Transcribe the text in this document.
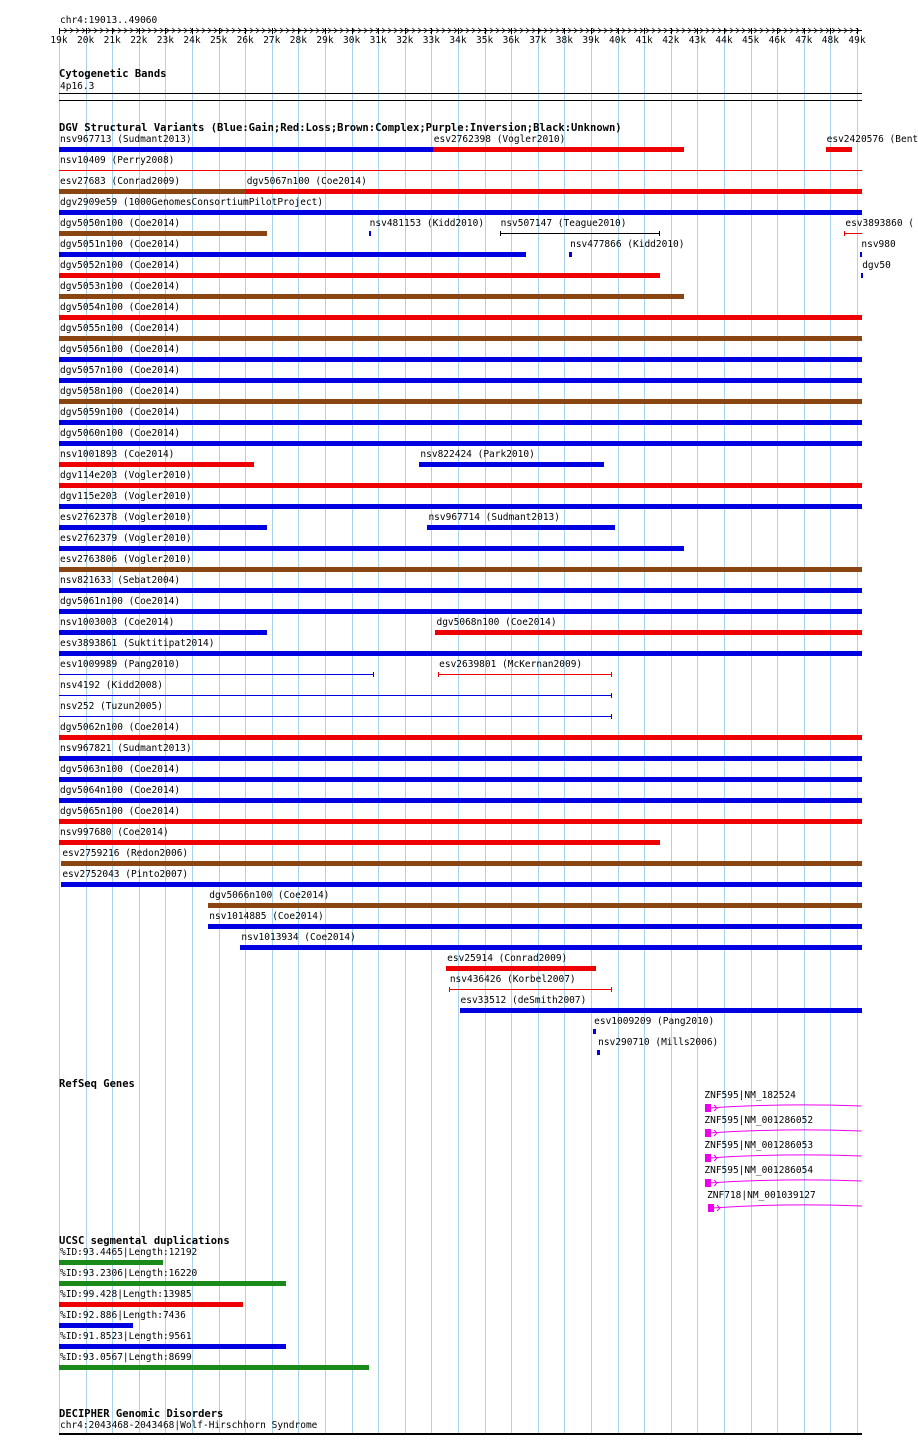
chr4:19013..49060
Cytogenetic Bands
4p16.3
DGV Structural Variants (Blue:Gain;Red:Loss;Brown:Complex;Purple:Inversion;Black:Unknown)
nsv967713 (Sudmant2013)	esv2762398 (Vogler2010)	esv2420576 (Bent
nsv10409 (Perry2008)
esv27683 (Conrad2009)	dgv5067n100 (Coe2014)
dgv2909e59 (1000GenomesConsortiumPilotProject)
dgv5050n100 (Coe2014)	nsv481153 (Kidd2010) nsv507147 (Teague2010)	esv3893860 (
dgv5051n100 (Coe2014)	nsv477866 (Kidd2010)	nsv980
dgv5052n100 (Coe2014)	dgv50
dgv5053n100 (Coe2014)
dgv5054n100 (Coe2014)
dgv5055n100 (Coe2014)
dgv5056n100 (Coe2014)
dgv5057n100 (Coe2014)
dgv5058n100 (Coe2014)
dgv5059n100 (Coe2014)
dgv5060n100 (Coe2014)
nsv1001893 (Coe2014)	nsv822424 (Park2010)
dgv114e203 (Vogler2010)
dgv115e203 (Vogler2010)
esv2762378 (Vogler2010)	nsv967714 (Sudmant2013)
esv2762379 (Vogler2010)
esv2763806 (Vogler2010)
nsv821633 (Sebat2004)
dgv5061n100 (Coe2014)
nsv1003003 (Coe2014)	dgv5068n100 (Coe2014)
esv3893861 (Suktitipat2014)
esv1009989 (Pang2010)	esv2639801 (McKernan2009)
nsv4192 (Kidd2008)
nsv252 (Tuzun2005)
dgv5062n100 (Coe2014)
nsv967821 (Sudmant2013)
dgv5063n100 (Coe2014)
dgv5064n100 (Coe2014)
dgv5065n100 (Coe2014)
nsv997680 (Coe2014)
esv2759216 (Redon2006)
esv2752043 (Pinto2007)
dgv5066n100 (Coe2014)
nsv1014885 (Coe2014)
nsv1013934 (Coe2014)
esv25914 (Conrad2009)
nsv436426 (Korbel2007)
esv33512 (deSmith2007)
esv1009209 (Pang2010)
nsv290710 (Mills2006)
RefSeq Genes
ZNF595|NM_182524
ZNF595|NM_001286052
ZNF595|NM_001286053
ZNF595|NM_001286054
ZNF718|NM_001039127
UCSC segmental duplications
%ID:93.4465|Length:12192
%ID:93.2306|Length:16220
%ID:99.428|Length:13985
%ID:92.886|Length:7436
%ID:91.8523|Length:9561
%ID:93.0567|Length:8699
DECIPHER Genomic Disorders
chr4:2043468-2043468|Wolf-Hirschhorn Syndrome
19k 20k 21k 22k 23k 24k 25k 26k 27k 28k 29k 30k 31k 32k 33k 34k 35k 36k 37k 38k 39k 40k 41k 42k 43k 44k 45k 46k 47k 48k 49k
